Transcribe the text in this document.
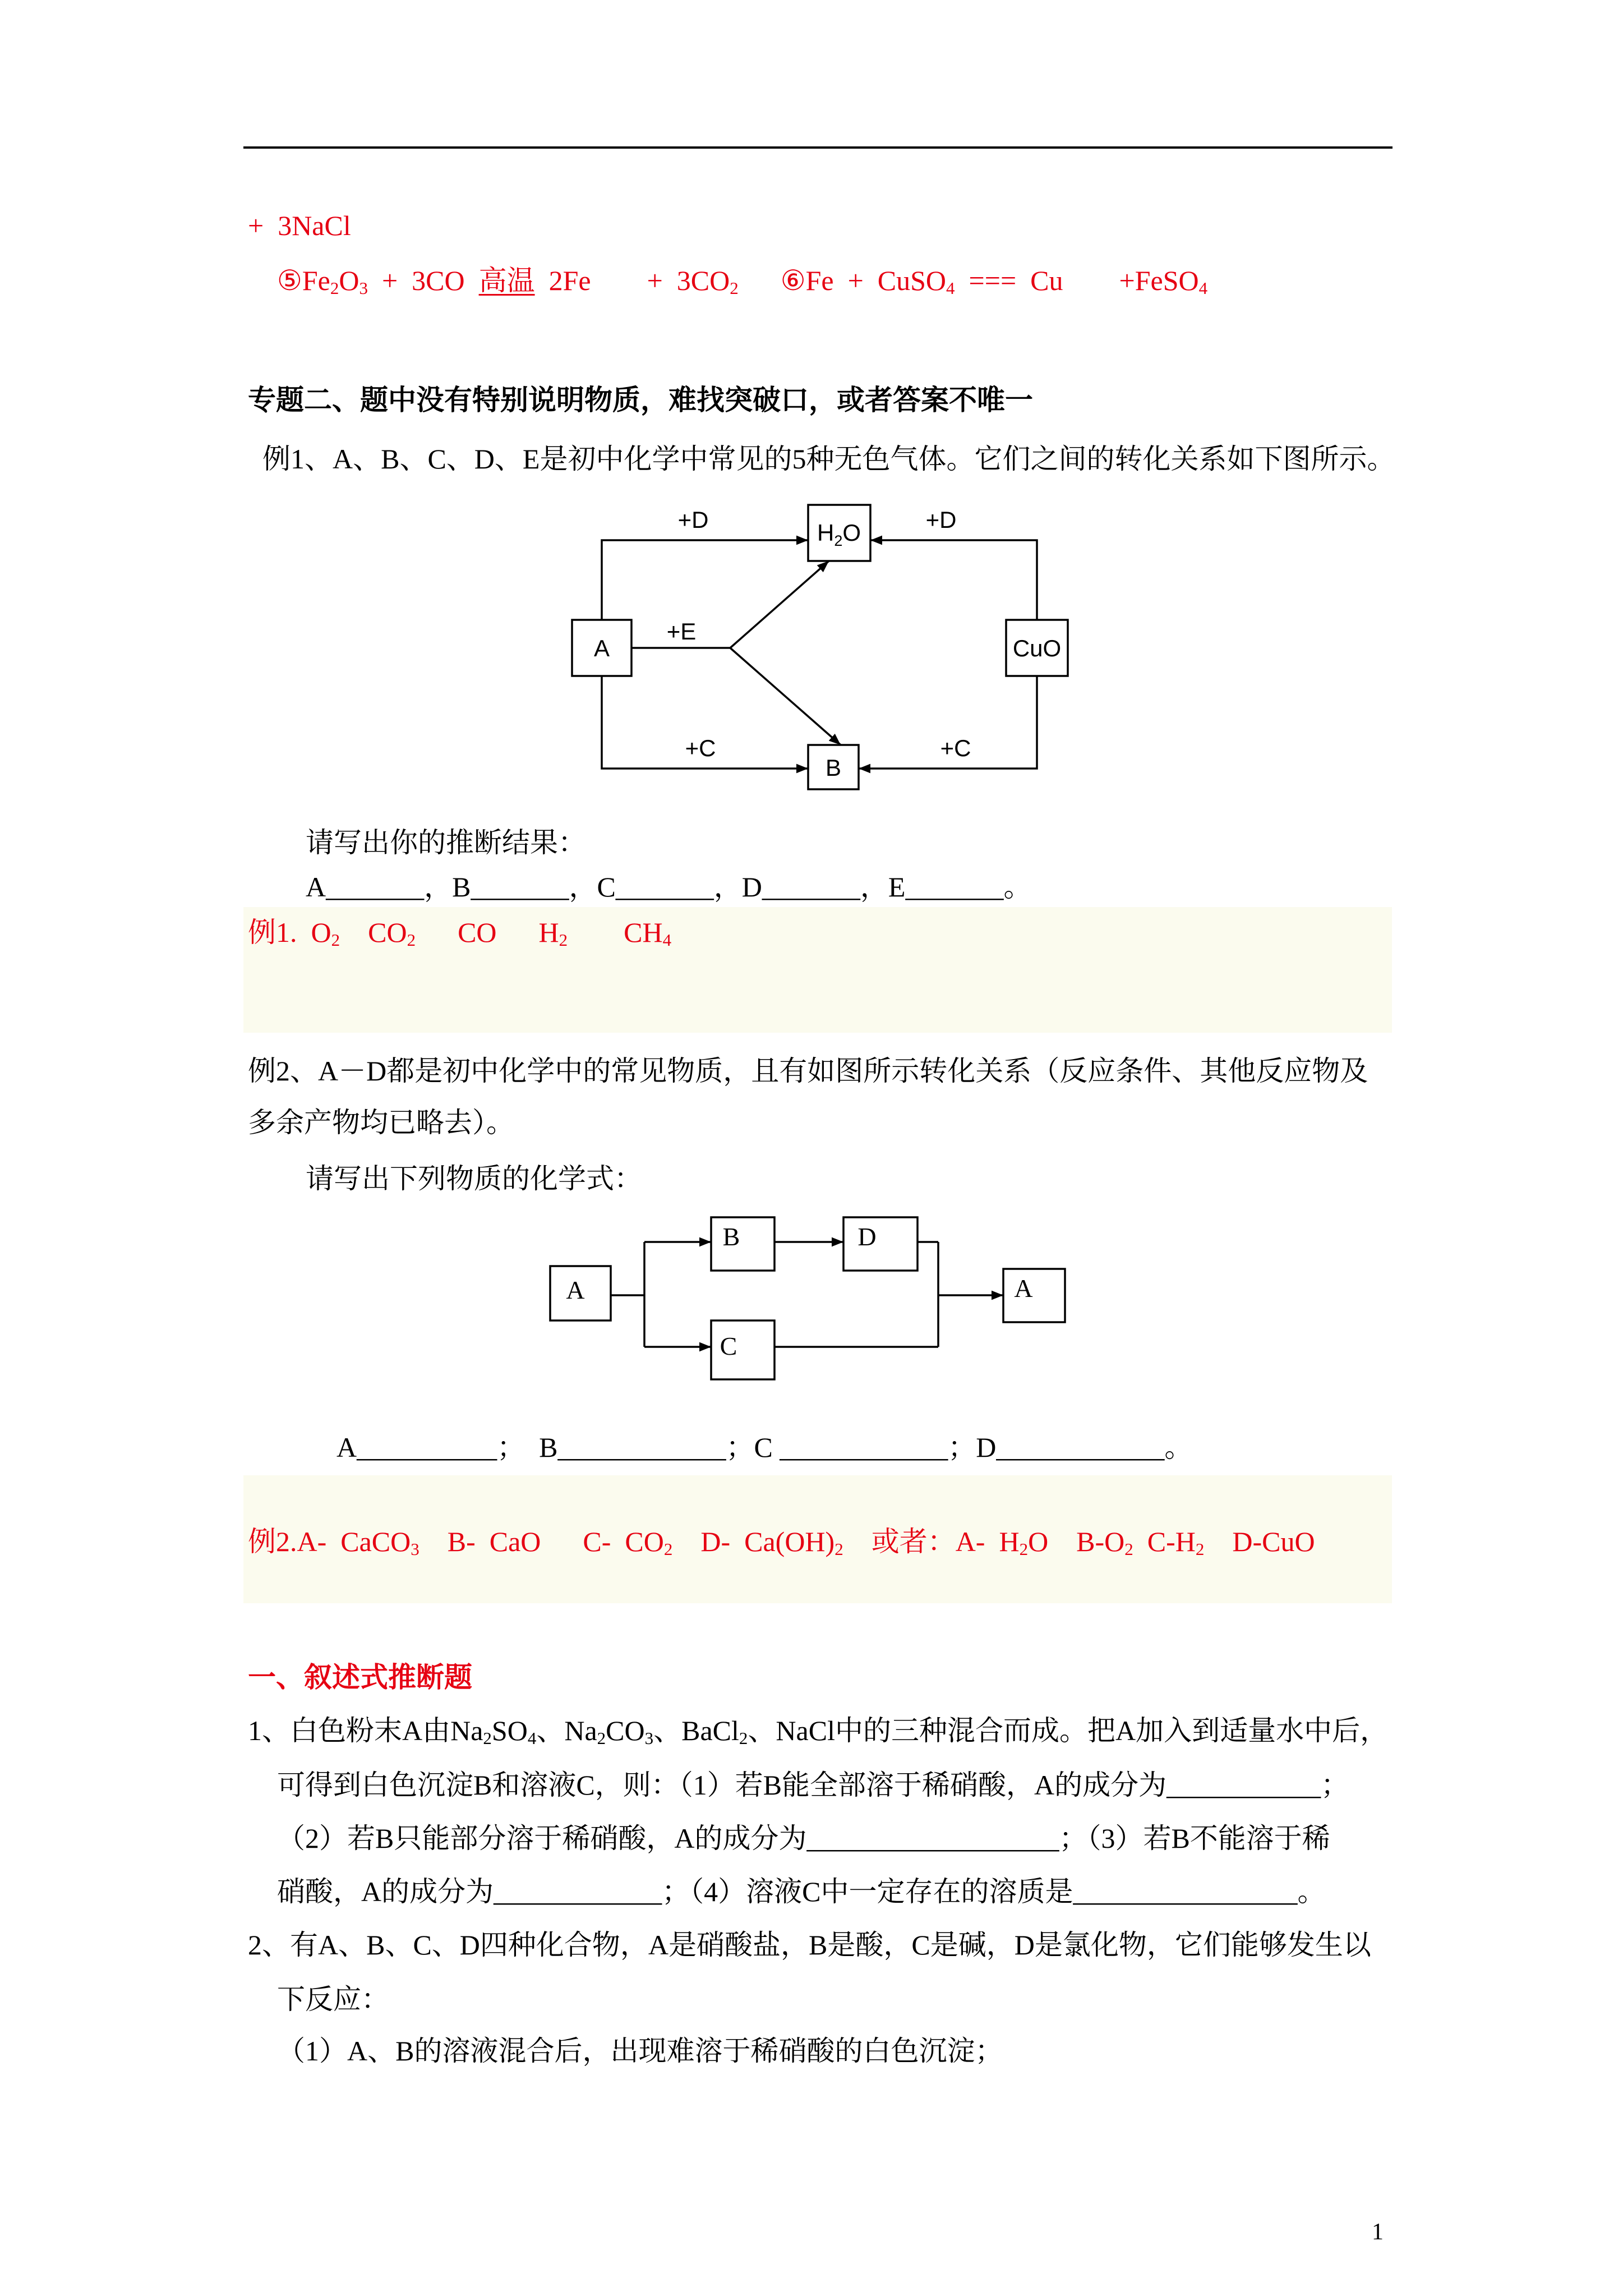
+ 3NaCl
$⑤Fe_2O_3 + 3CO$ 高温 2Fe    + $3CO_2$   ⑥Fe + CuSO$_4$ === Cu    +FeSO$_4$
专题二、题中没有特别说明物质，难找突破口，或者答案不唯一
例1、A、B、C、D、E是初中化学中常见的5种无色气体。它们之间的转化关系如下图所示。
$H_2O$
A	CuO
B
+D	+D
+E
+C	+C
请写出你的推断结果：
A_______，B_______，C_______，D_______，E_______。
例1. $O_2$  $CO_2$   CO   $H_2$    $CH_4$
例2、A－D都是初中化学中的常见物质，且有如图所示转化关系（反应条件、其他反应物及
多余产物均已略去）。
请写出下列物质的化学式：
A
B	D
C
A
A__________；  B____________；C ____________；D____________。
例2.A- CaCO$_3$  B- CaO   C- $CO_2$  D- $Ca(OH)_2$  或者：A- $H_2O$  $B-O_2$ $C-H_2$  D-CuO
一、叙述式推断题
1、白色粉末A由$Na_2SO_4$、$Na_2CO_3$、BaCl$_2$、NaCl中的三种混合而成。把A加入到适量水中后，
可得到白色沉淀B和溶液C，则：（1）若B能全部溶于稀硝酸，A的成分为___________；
（2）若B只能部分溶于稀硝酸，A的成分为__________________；（3）若B不能溶于稀
硝酸，A的成分为____________；（4）溶液C中一定存在的溶质是________________。
2、有A、B、C、D四种化合物，A是硝酸盐，B是酸，C是碱，D是氯化物，它们能够发生以
下反应：
（1）A、B的溶液混合后，出现难溶于稀硝酸的白色沉淀；
1
